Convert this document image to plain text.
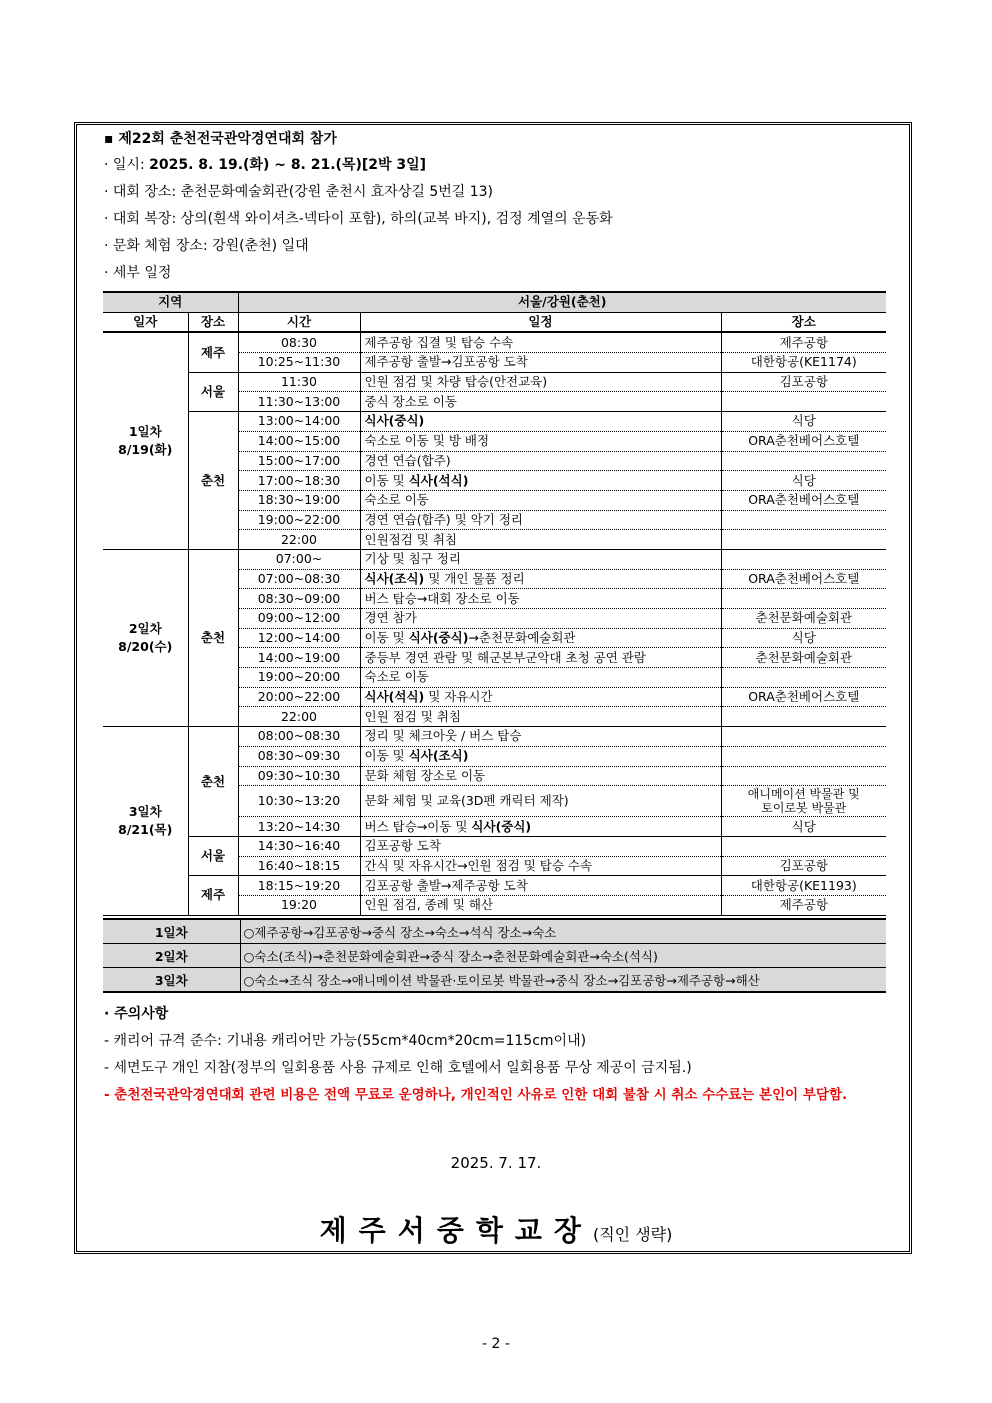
▪ 제22회 춘천전국관악경연대회 참가
· 일시: 2025. 8. 19.(화) ~ 8. 21.(목)[2박 3일]
· 대회 장소: 춘천문화예술회관(강원 춘천시 효자상길 5번길 13)
· 대회 복장: 상의(흰색 와이셔츠-넥타이 포함), 하의(교복 바지), 검정 계열의 운동화
· 문화 체험 장소: 강원(춘천) 일대
· 세부 일정
지역		서울/강원(춘천)		
일자	장소	시간	일정	장소

1일차
8/19(화)	제주	08:30	제주공항 집결 및 탑승 수속	제주공항
		10:25~11:30	제주공항 출발→김포공항 도착	대한항공(KE1174)
	서울	11:30	인원 점검 및 차량 탑승(안전교육)	김포공항
		11:30~13:00	중식 장소로 이동	
	춘천	13:00~14:00	식사(중식)	식당
		14:00~15:00	숙소로 이동 및 방 배정	ORA춘천베어스호텔
		15:00~17:00	경연 연습(합주)	
		17:00~18:30	이동 및 식사(석식)	식당
		18:30~19:00	숙소로 이동	ORA춘천베어스호텔
		19:00~22:00	경연 연습(합주) 및 악기 정리	
		22:00	인원점검 및 취침	

2일차
8/20(수)	춘천	07:00~	기상 및 침구 정리	
		07:00~08:30	식사(조식) 및 개인 물품 정리	ORA춘천베어스호텔
		08:30~09:00	버스 탑승→대회 장소로 이동	
		09:00~12:00	경연 참가	춘천문화예술회관
		12:00~14:00	이동 및 식사(중식)→춘천문화예술회관	식당
		14:00~19:00	중등부 경연 관람 및 해군본부군악대 초청 공연 관람	춘천문화예술회관
		19:00~20:00	숙소로 이동	
		20:00~22:00	식사(석식) 및 자유시간	ORA춘천베어스호텔
		22:00	인원 점검 및 취침	

3일차
8/21(목)	춘천	08:00~08:30	정리 및 체크아웃 / 버스 탑승	
		08:30~09:30	이동 및 식사(조식)	
		09:30~10:30	문화 체험 장소로 이동	
		10:30~13:20	문화 체험 및 교육(3D펜 캐릭터 제작)	애니메이션 박물관 및
토이로봇 박물관

		13:20~14:30	버스 탑승→이동 및 식사(중식)	식당
	서울	14:30~16:40	김포공항 도착	
		16:40~18:15	간식 및 자유시간→인원 점검 및 탑승 수속	김포공항
	제주	18:15~19:20	김포공항 출발→제주공항 도착	대한항공(KE1193)
		19:20	인원 점검, 종례 및 해산	제주공항
1일차	○제주공항→김포공항→중식 장소→숙소→석식 장소→숙소
2일차	○숙소(조식)→춘천문화예술회관→중식 장소→춘천문화예술회관→숙소(석식)
3일차	○숙소→조식 장소→애니메이션 박물관·토이로봇 박물관→중식 장소→김포공항→제주공항→해산
· 주의사항
- 캐리어 규격 준수: 기내용 캐리어만 가능(55cm*40cm*20cm=115cm이내)
- 세면도구 개인 지참(정부의 일회용품 사용 규제로 인해 호텔에서 일회용품 무상 제공이 금지됨.)
- 춘천전국관악경연대회 관련 비용은 전액 무료로 운영하나, 개인적인 사유로 인한 대회 불참 시 취소 수수료는 본인이 부담함.
2025. 7. 17.
제주서중학교장(직인 생략)
- 2 -
